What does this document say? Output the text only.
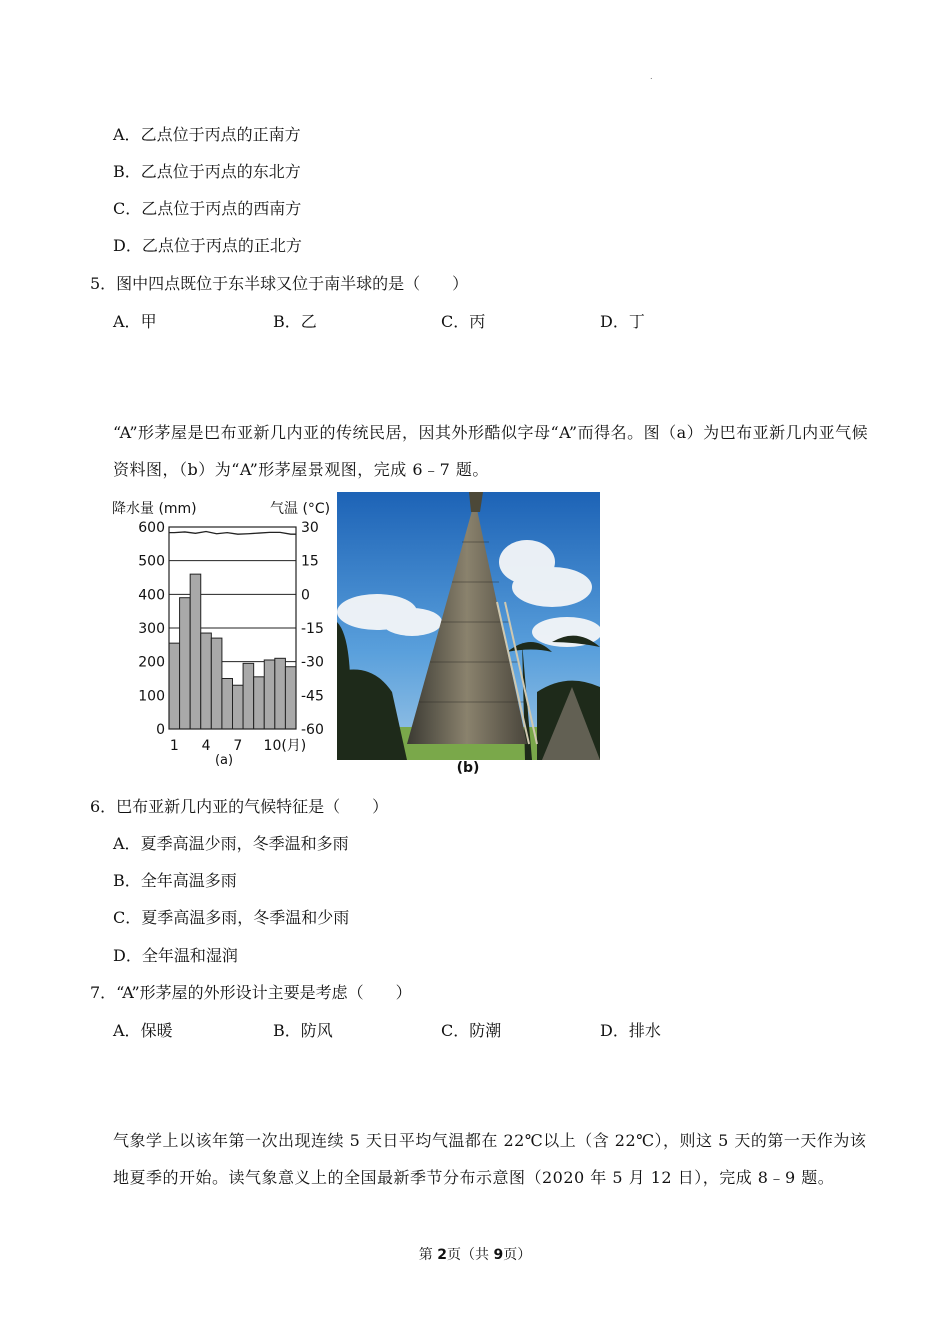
.
A．乙点位于丙点的正南方
B．乙点位于丙点的东北方
C．乙点位于丙点的西南方
D．乙点位于丙点的正北方
5．图中四点既位于东半球又位于南半球的是（　　）
A．甲	B．乙	C．丙	D．丁
“A”形茅屋是巴布亚新几内亚的传统民居，因其外形酷似字母“A”而得名。图（a）为巴布亚新几内亚气候资料图，（b）为“A”形茅屋景观图，完成 6﹣7 题。
降水量 (mm)	气温 (°C)
600
500
400
300
200
100
0
30
15
0
-15
-30
-45
-60
1 4 7 10(月)
(a)	(b)
6．巴布亚新几内亚的气候特征是（　　）
A．夏季高温少雨，冬季温和多雨
B．全年高温多雨
C．夏季高温多雨，冬季温和少雨
D．全年温和湿润
7．“A”形茅屋的外形设计主要是考虑（　　）
A．保暖	B．防风	C．防潮	D．排水
气象学上以该年第一次出现连续 5 天日平均气温都在 22℃以上（含 22℃），则这 5 天的第一天作为该地夏季的开始。读气象意义上的全国最新季节分布示意图（2020 年 5 月 12 日），完成 8﹣9 题。
第 2页（共 9页）
